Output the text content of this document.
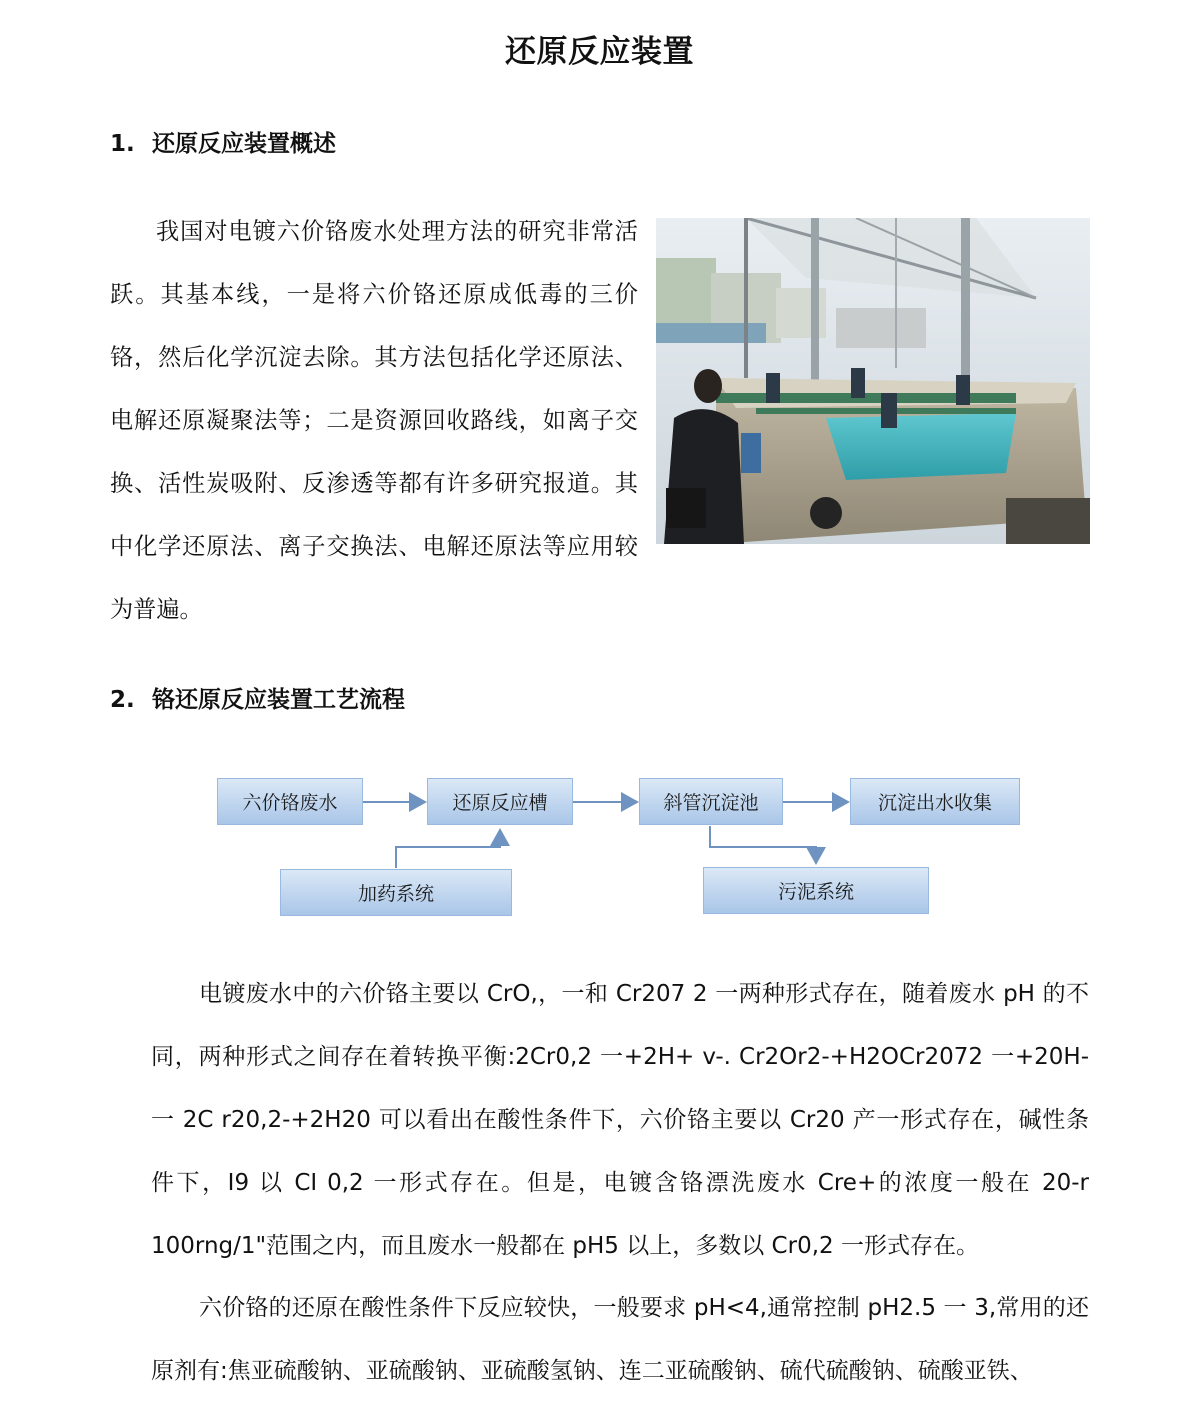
还原反应装置
1. 还原反应装置概述

我国对电镀六价铬废水处理方法的研究非常活跃。其基本线，一是将六价铬还原成低毒的三价铬，然后化学沉淀去除。其方法包括化学还原法、电解还原凝聚法等；二是资源回收路线，如离子交换、活性炭吸附、反渗透等都有许多研究报道。其中化学还原法、离子交换法、电解还原法等应用较为普遍。

2. 铬还原反应装置工艺流程
六价铬废水	还原反应槽	斜管沉淀池	沉淀出水收集
加药系统	污泥系统

电镀废水中的六价铬主要以 CrO,，一和 Cr207 2 一两种形式存在，随着废水 pH 的不同，两种形式之间存在着转换平衡:2Cr0,2 一+2H+ v-. Cr2Or2-+H2OCr2072 一+20H-一 2C r20,2-+2H20 可以看出在酸性条件下，六价铬主要以 Cr20 产一形式存在，碱性条件下，I9 以 CI 0,2 一形式存在。但是，电镀含铬漂洗废水 Cre+的浓度一般在 20-r 100rng/1"范围之内，而且废水一般都在 pH5 以上，多数以 Cr0,2 一形式存在。

六价铬的还原在酸性条件下反应较快，一般要求 pH<4,通常控制 pH2.5 一 3,常用的还原剂有:焦亚硫酸钠、亚硫酸钠、亚硫酸氢钠、连二亚硫酸钠、硫代硫酸钠、硫酸亚铁、
